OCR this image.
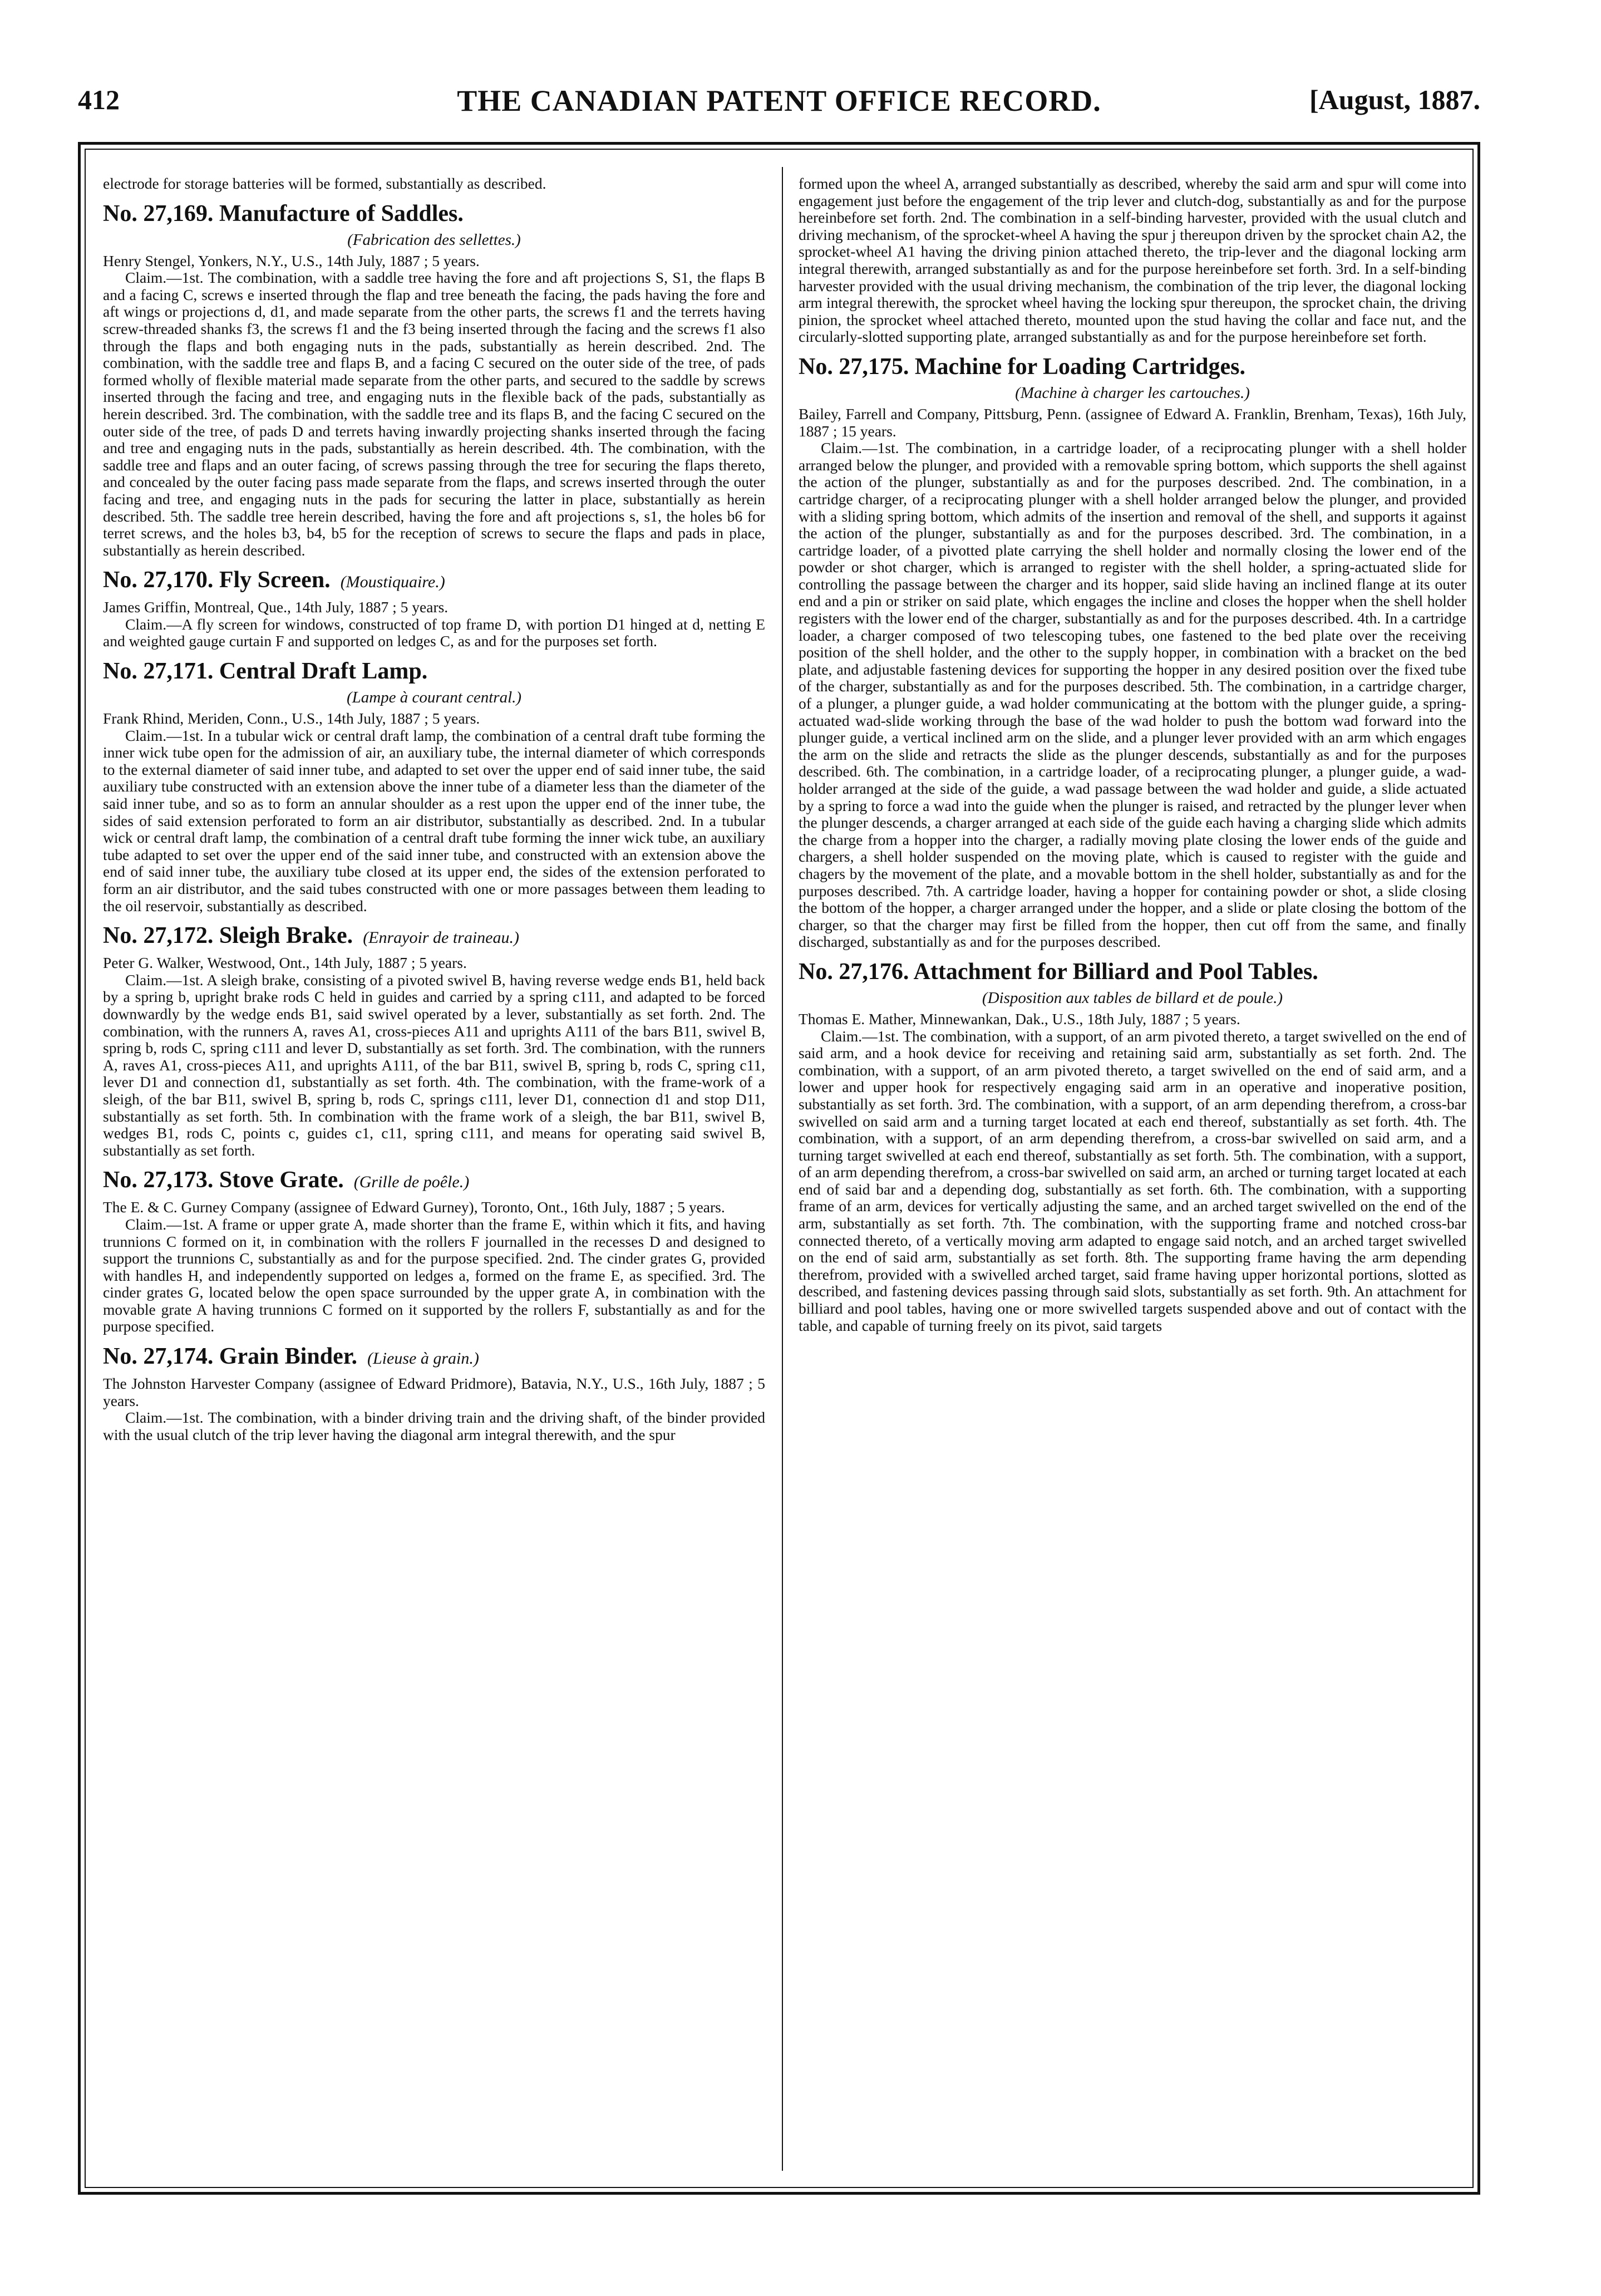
412	THE CANADIAN PATENT OFFICE RECORD.	[August, 1887.

electrode for storage batteries will be formed, substantially as described.

No. 27,169. Manufacture of Saddles.
(Fabrication des sellettes.)

Henry Stengel, Yonkers, N.Y., U.S., 14th July, 1887 ; 5 years.

Claim.—1st. The combination, with a saddle tree having the fore and aft projections S, S1, the flaps B and a facing C, screws e inserted through the flap and tree beneath the facing, the pads having the fore and aft wings or projections d, d1, and made separate from the other parts, the screws f1 and the terrets having screw-threaded shanks f3, the screws f1 and the f3 being inserted through the facing and the screws f1 also through the flaps and both engaging nuts in the pads, substantially as herein described. 2nd. The combination, with the saddle tree and flaps B, and a facing C secured on the outer side of the tree, of pads formed wholly of flexible material made separate from the other parts, and secured to the saddle by screws inserted through the facing and tree, and engaging nuts in the flexible back of the pads, substantially as herein described. 3rd. The combination, with the saddle tree and its flaps B, and the facing C secured on the outer side of the tree, of pads D and terrets having inwardly projecting shanks inserted through the facing and tree and engaging nuts in the pads, substantially as herein described. 4th. The combination, with the saddle tree and flaps and an outer facing, of screws passing through the tree for securing the flaps thereto, and concealed by the outer facing pass made separate from the flaps, and screws inserted through the outer facing and tree, and engaging nuts in the pads for securing the latter in place, substantially as herein described. 5th. The saddle tree herein described, having the fore and aft projections s, s1, the holes b6 for terret screws, and the holes b3, b4, b5 for the reception of screws to secure the flaps and pads in place, substantially as herein described.

No. 27,170. Fly Screen. (Moustiquaire.)

James Griffin, Montreal, Que., 14th July, 1887 ; 5 years.

Claim.—A fly screen for windows, constructed of top frame D, with portion D1 hinged at d, netting E and weighted gauge curtain F and supported on ledges C, as and for the purposes set forth.

No. 27,171. Central Draft Lamp.
(Lampe à courant central.)

Frank Rhind, Meriden, Conn., U.S., 14th July, 1887 ; 5 years.

Claim.—1st. In a tubular wick or central draft lamp, the combination of a central draft tube forming the inner wick tube open for the admission of air, an auxiliary tube, the internal diameter of which corresponds to the external diameter of said inner tube, and adapted to set over the upper end of said inner tube, the said auxiliary tube constructed with an extension above the inner tube of a diameter less than the diameter of the said inner tube, and so as to form an annular shoulder as a rest upon the upper end of the inner tube, the sides of said extension perforated to form an air distributor, substantially as described. 2nd. In a tubular wick or central draft lamp, the combination of a central draft tube forming the inner wick tube, an auxiliary tube adapted to set over the upper end of the said inner tube, and constructed with an extension above the end of said inner tube, the auxiliary tube closed at its upper end, the sides of the extension perforated to form an air distributor, and the said tubes constructed with one or more passages between them leading to the oil reservoir, substantially as described.

No. 27,172. Sleigh Brake. (Enrayoir de traineau.)

Peter G. Walker, Westwood, Ont., 14th July, 1887 ; 5 years.

Claim.—1st. A sleigh brake, consisting of a pivoted swivel B, having reverse wedge ends B1, held back by a spring b, upright brake rods C held in guides and carried by a spring c111, and adapted to be forced downwardly by the wedge ends B1, said swivel operated by a lever, substantially as set forth. 2nd. The combination, with the runners A, raves A1, cross-pieces A11 and uprights A111 of the bars B11, swivel B, spring b, rods C, spring c111 and lever D, substantially as set forth. 3rd. The combination, with the runners A, raves A1, cross-pieces A11, and uprights A111, of the bar B11, swivel B, spring b, rods C, spring c11, lever D1 and connection d1, substantially as set forth. 4th. The combination, with the frame-work of a sleigh, of the bar B11, swivel B, spring b, rods C, springs c111, lever D1, connection d1 and stop D11, substantially as set forth. 5th. In combination with the frame work of a sleigh, the bar B11, swivel B, wedges B1, rods C, points c, guides c1, c11, spring c111, and means for operating said swivel B, substantially as set forth.

No. 27,173. Stove Grate. (Grille de poêle.)

The E. & C. Gurney Company (assignee of Edward Gurney), Toronto, Ont., 16th July, 1887 ; 5 years.

Claim.—1st. A frame or upper grate A, made shorter than the frame E, within which it fits, and having trunnions C formed on it, in combination with the rollers F journalled in the recesses D and designed to support the trunnions C, substantially as and for the purpose specified. 2nd. The cinder grates G, provided with handles H, and independently supported on ledges a, formed on the frame E, as specified. 3rd. The cinder grates G, located below the open space surrounded by the upper grate A, in combination with the movable grate A having trunnions C formed on it supported by the rollers F, substantially as and for the purpose specified.

No. 27,174. Grain Binder. (Lieuse à grain.)

The Johnston Harvester Company (assignee of Edward Pridmore), Batavia, N.Y., U.S., 16th July, 1887 ; 5 years.

Claim.—1st. The combination, with a binder driving train and the driving shaft, of the binder provided with the usual clutch of the trip lever having the diagonal arm integral therewith, and the spur

formed upon the wheel A, arranged substantially as described, whereby the said arm and spur will come into engagement just before the engagement of the trip lever and clutch-dog, substantially as and for the purpose hereinbefore set forth. 2nd. The combination in a self-binding harvester, provided with the usual clutch and driving mechanism, of the sprocket-wheel A having the spur j thereupon driven by the sprocket chain A2, the sprocket-wheel A1 having the driving pinion attached thereto, the trip-lever and the diagonal locking arm integral therewith, arranged substantially as and for the purpose hereinbefore set forth. 3rd. In a self-binding harvester provided with the usual driving mechanism, the combination of the trip lever, the diagonal locking arm integral therewith, the sprocket wheel having the locking spur thereupon, the sprocket chain, the driving pinion, the sprocket wheel attached thereto, mounted upon the stud having the collar and face nut, and the circularly-slotted supporting plate, arranged substantially as and for the purpose hereinbefore set forth.

No. 27,175. Machine for Loading Cartridges.
(Machine à charger les cartouches.)

Bailey, Farrell and Company, Pittsburg, Penn. (assignee of Edward A. Franklin, Brenham, Texas), 16th July, 1887 ; 15 years.

Claim.—1st. The combination, in a cartridge loader, of a reciprocating plunger with a shell holder arranged below the plunger, and provided with a removable spring bottom, which supports the shell against the action of the plunger, substantially as and for the purposes described. 2nd. The combination, in a cartridge charger, of a reciprocating plunger with a shell holder arranged below the plunger, and provided with a sliding spring bottom, which admits of the insertion and removal of the shell, and supports it against the action of the plunger, substantially as and for the purposes described. 3rd. The combination, in a cartridge loader, of a pivotted plate carrying the shell holder and normally closing the lower end of the powder or shot charger, which is arranged to register with the shell holder, a spring-actuated slide for controlling the passage between the charger and its hopper, said slide having an inclined flange at its outer end and a pin or striker on said plate, which engages the incline and closes the hopper when the shell holder registers with the lower end of the charger, substantially as and for the purposes described. 4th. In a cartridge loader, a charger composed of two telescoping tubes, one fastened to the bed plate over the receiving position of the shell holder, and the other to the supply hopper, in combination with a bracket on the bed plate, and adjustable fastening devices for supporting the hopper in any desired position over the fixed tube of the charger, substantially as and for the purposes described. 5th. The combination, in a cartridge charger, of a plunger, a plunger guide, a wad holder communicating at the bottom with the plunger guide, a spring-actuated wad-slide working through the base of the wad holder to push the bottom wad forward into the plunger guide, a vertical inclined arm on the slide, and a plunger lever provided with an arm which engages the arm on the slide and retracts the slide as the plunger descends, substantially as and for the purposes described. 6th. The combination, in a cartridge loader, of a reciprocating plunger, a plunger guide, a wad-holder arranged at the side of the guide, a wad passage between the wad holder and guide, a slide actuated by a spring to force a wad into the guide when the plunger is raised, and retracted by the plunger lever when the plunger descends, a charger arranged at each side of the guide each having a charging slide which admits the charge from a hopper into the charger, a radially moving plate closing the lower ends of the guide and chargers, a shell holder suspended on the moving plate, which is caused to register with the guide and chagers by the movement of the plate, and a movable bottom in the shell holder, substantially as and for the purposes described. 7th. A cartridge loader, having a hopper for containing powder or shot, a slide closing the bottom of the hopper, a charger arranged under the hopper, and a slide or plate closing the bottom of the charger, so that the charger may first be filled from the hopper, then cut off from the same, and finally discharged, substantially as and for the purposes described.

No. 27,176. Attachment for Billiard and Pool Tables.
(Disposition aux tables de billard et de poule.)

Thomas E. Mather, Minnewankan, Dak., U.S., 18th July, 1887 ; 5 years.

Claim.—1st. The combination, with a support, of an arm pivoted thereto, a target swivelled on the end of said arm, and a hook device for receiving and retaining said arm, substantially as set forth. 2nd. The combination, with a support, of an arm pivoted thereto, a target swivelled on the end of said arm, and a lower and upper hook for respectively engaging said arm in an operative and inoperative position, substantially as set forth. 3rd. The combination, with a support, of an arm depending therefrom, a cross-bar swivelled on said arm and a turning target located at each end thereof, substantially as set forth. 4th. The combination, with a support, of an arm depending therefrom, a cross-bar swivelled on said arm, and a turning target swivelled at each end thereof, substantially as set forth. 5th. The combination, with a support, of an arm depending therefrom, a cross-bar swivelled on said arm, an arched or turning target located at each end of said bar and a depending dog, substantially as set forth. 6th. The combination, with a supporting frame of an arm, devices for vertically adjusting the same, and an arched target swivelled on the end of the arm, substantially as set forth. 7th. The combination, with the supporting frame and notched cross-bar connected thereto, of a vertically moving arm adapted to engage said notch, and an arched target swivelled on the end of said arm, substantially as set forth. 8th. The supporting frame having the arm depending therefrom, provided with a swivelled arched target, said frame having upper horizontal portions, slotted as described, and fastening devices passing through said slots, substantially as set forth. 9th. An attachment for billiard and pool tables, having one or more swivelled targets suspended above and out of contact with the table, and capable of turning freely on its pivot, said targets
